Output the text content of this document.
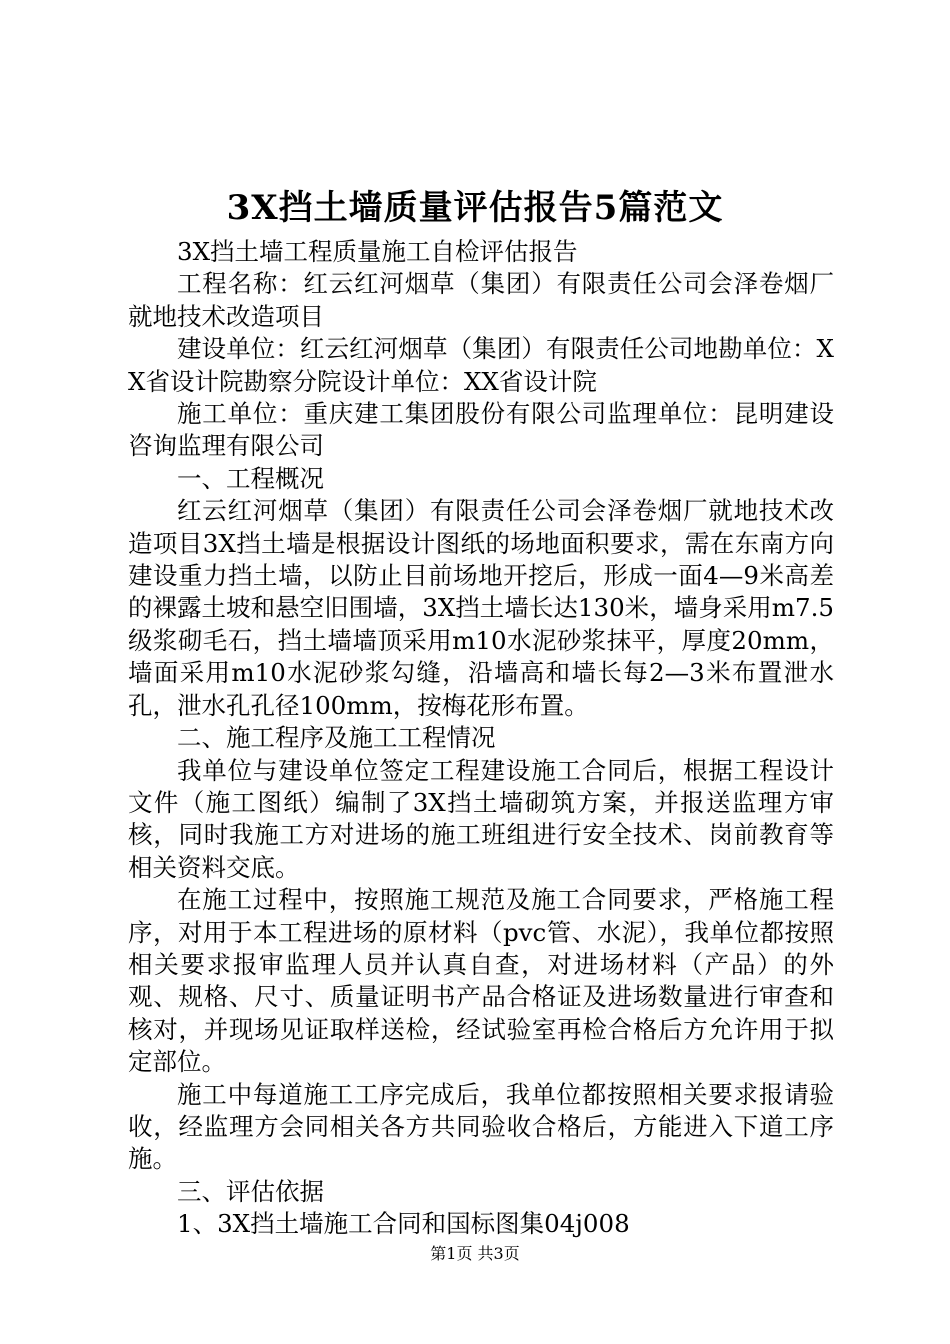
3X挡土墙质量评估报告5篇范文

3X挡土墙工程质量施工自检评估报告

工程名称：红云红河烟草（集团）有限责任公司会泽卷烟厂就地技术改造项目

建设单位：红云红河烟草（集团）有限责任公司地勘单位：XX省设计院勘察分院设计单位：XX省设计院

施工单位：重庆建工集团股份有限公司监理单位：昆明建设咨询监理有限公司

一、工程概况

红云红河烟草（集团）有限责任公司会泽卷烟厂就地技术改造项目3X挡土墙是根据设计图纸的场地面积要求，需在东南方向建设重力挡土墙，以防止目前场地开挖后，形成一面4—9米高差的裸露土坡和悬空旧围墙，3X挡土墙长达130米，墙身采用m7.5级浆砌毛石，挡土墙墙顶采用m10水泥砂浆抹平，厚度20mm，墙面采用m10水泥砂浆勾缝，沿墙高和墙长每2—3米布置泄水孔，泄水孔孔径100mm，按梅花形布置。

二、施工程序及施工工程情况

我单位与建设单位签定工程建设施工合同后，根据工程设计文件（施工图纸）编制了3X挡土墙砌筑方案，并报送监理方审核，同时我施工方对进场的施工班组进行安全技术、岗前教育等相关资料交底。

在施工过程中，按照施工规范及施工合同要求，严格施工程序，对用于本工程进场的原材料（pvc管、水泥），我单位都按照相关要求报审监理人员并认真自查，对进场材料（产品）的外观、规格、尺寸、质量证明书产品合格证及进场数量进行审查和核对，并现场见证取样送检，经试验室再检合格后方允许用于拟定部位。

施工中每道施工工序完成后，我单位都按照相关要求报请验收，经监理方会同相关各方共同验收合格后，方能进入下道工序施。

三、评估依据

1、3X挡土墙施工合同和国标图集04j008

第1页 共3页
